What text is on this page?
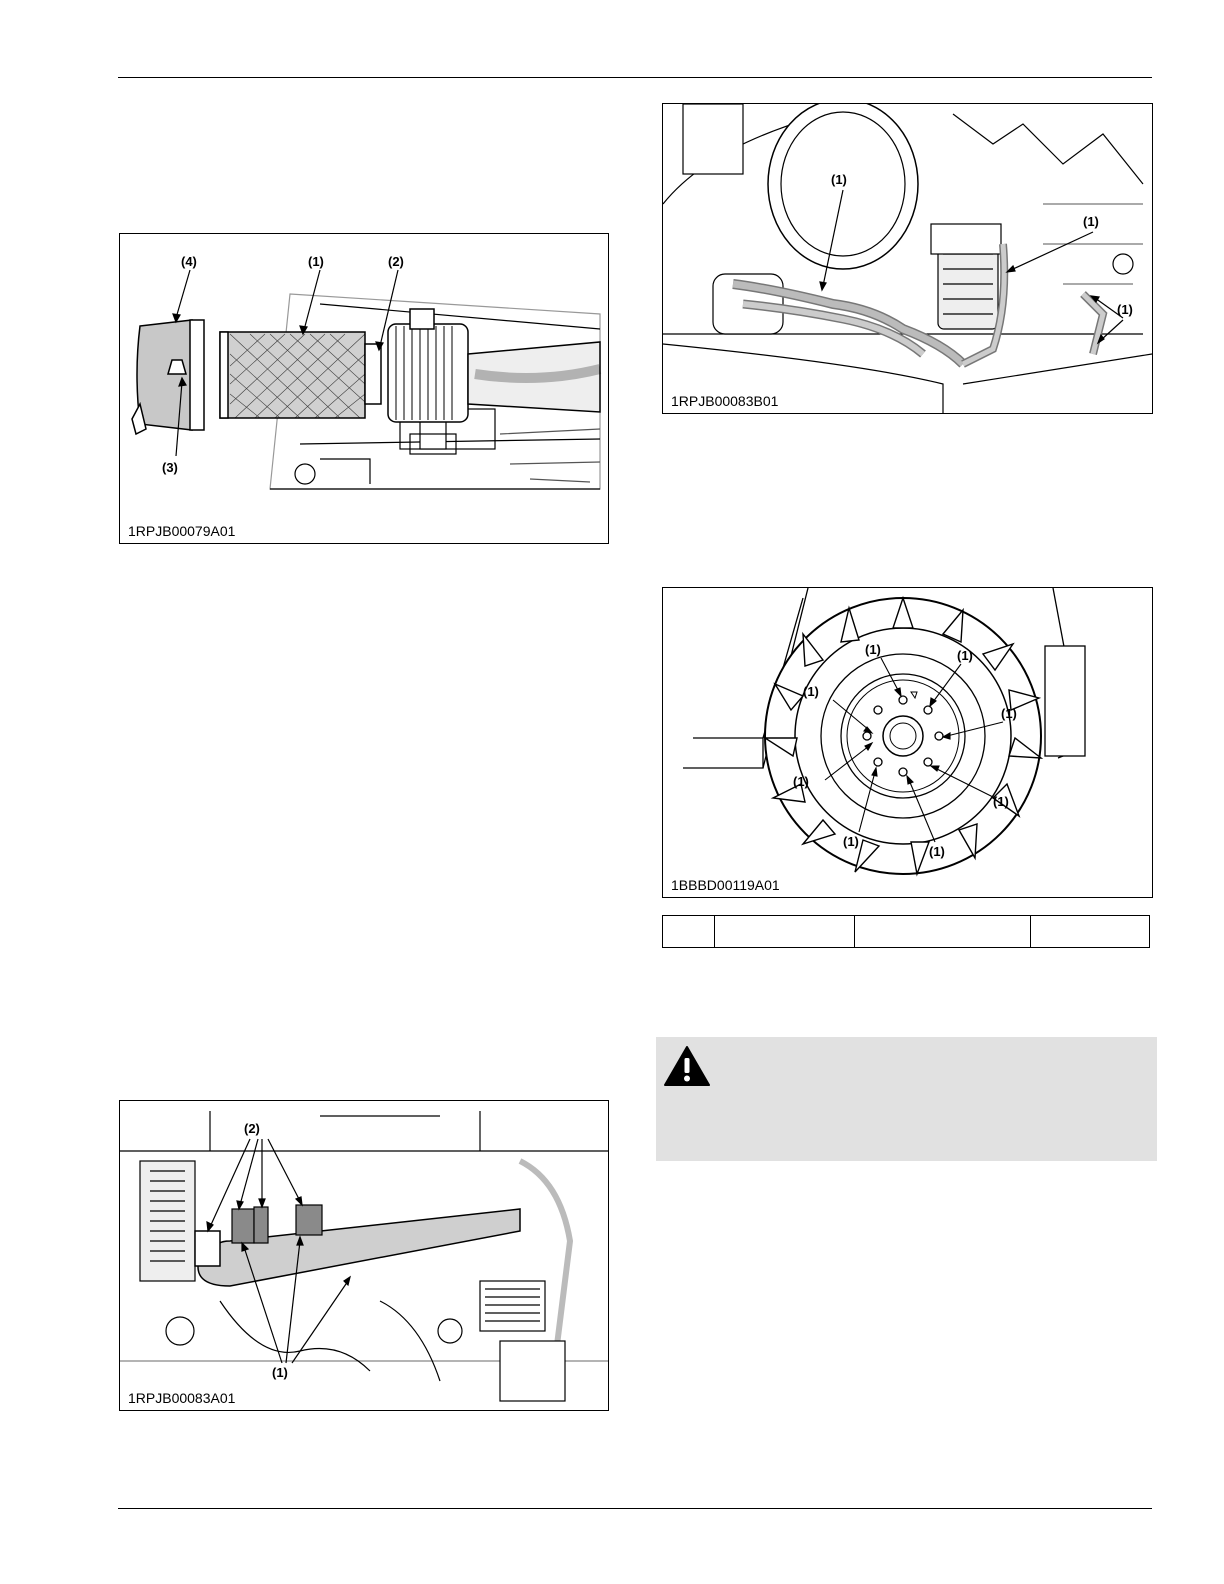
(4)	(1)	(2)
(3)
1RPJB00079A01
(2)
(1)
1RPJB00083A01
(1)
(1)
(1)
1RPJB00083B01
(1)	(1)
(1)
(1)
(1)
(1)
(1)
(1)
1BBBD00119A01
